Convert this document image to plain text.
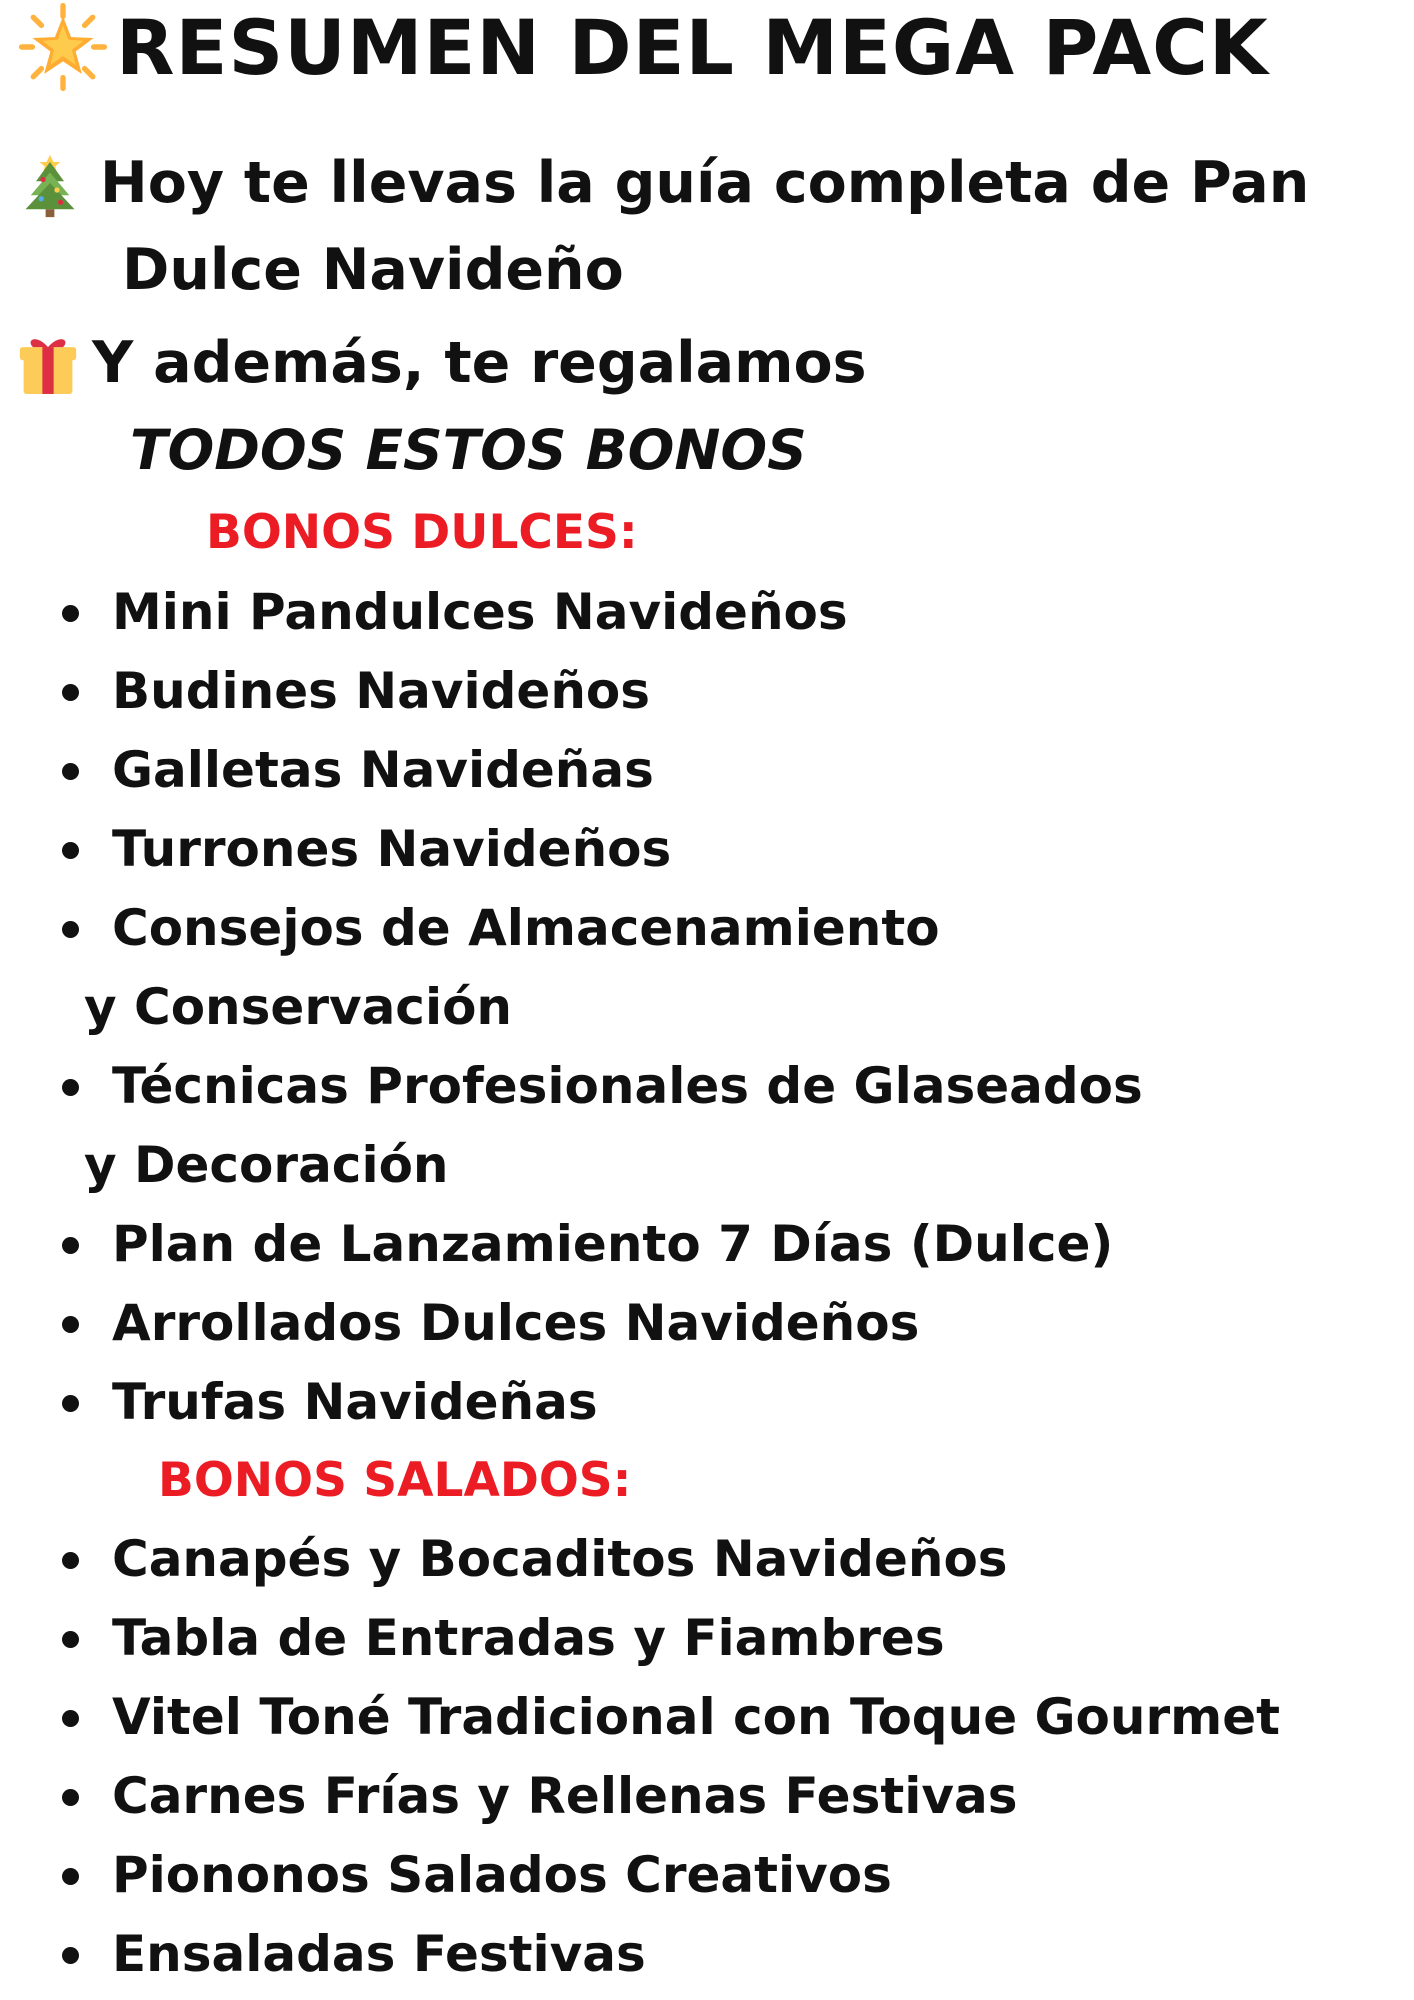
RESUMEN DEL MEGA PACK
Hoy te llevas la guía completa de Pan
Dulce Navideño
Y además, te regalamos
TODOS ESTOS BONOS
BONOS DULCES:
Mini Pandulces Navideños
Budines Navideños
Galletas Navideñas
Turrones Navideños
Consejos de Almacenamiento
y Conservación
Técnicas Profesionales de Glaseados
y Decoración
Plan de Lanzamiento 7 Días (Dulce)
Arrollados Dulces Navideños
Trufas Navideñas
BONOS SALADOS:
Canapés y Bocaditos Navideños
Tabla de Entradas y Fiambres
Vitel Toné Tradicional con Toque Gourmet
Carnes Frías y Rellenas Festivas
Piononos Salados Creativos
Ensaladas Festivas
